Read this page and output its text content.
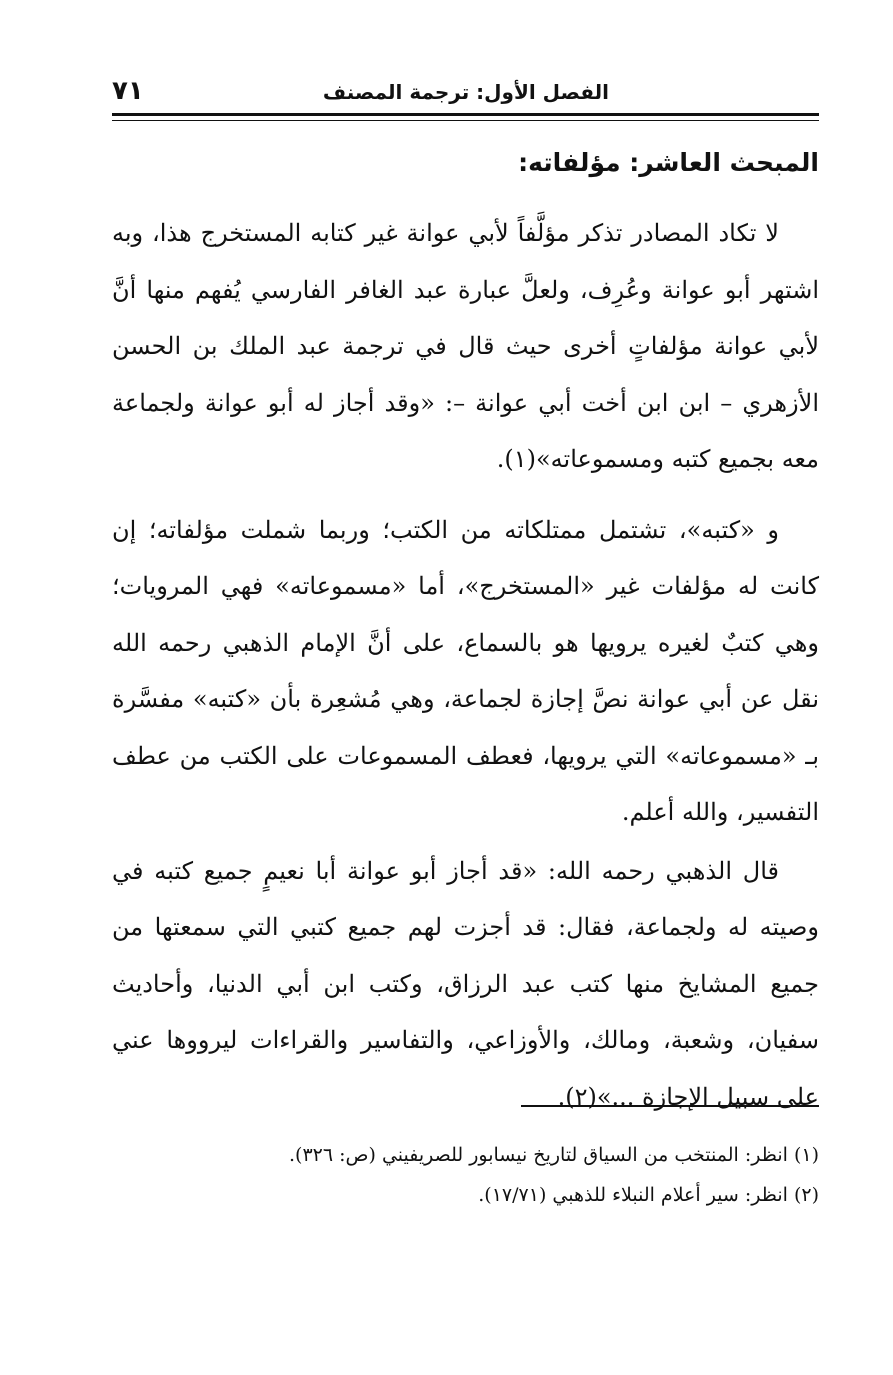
الفصل الأول: ترجمة المصنف
٧١
المبحث العاشر: مؤلفاته:

لا تكاد المصادر تذكر مؤلَّفاً لأبي عوانة غير كتابه المستخرج هذا، وبه اشتهر أبو عوانة وعُرِف، ولعلَّ عبارة عبد الغافر الفارسي يُفهم منها أنَّ لأبي عوانة مؤلفاتٍ أخرى حيث قال في ترجمة عبد الملك بن الحسن الأزهري – ابن ابن أخت أبي عوانة –: «وقد أجاز له أبو عوانة ولجماعة معه بجميع كتبه ومسموعاته»(١).

و «كتبه»، تشتمل ممتلكاته من الكتب؛ وربما شملت مؤلفاته؛ إن كانت له مؤلفات غير «المستخرج»، أما «مسموعاته» فهي المرويات؛ وهي كتبٌ لغيره يرويها هو بالسماع، على أنَّ الإمام الذهبي رحمه الله نقل عن أبي عوانة نصَّ إجازة لجماعة، وهي مُشعِرة بأن «كتبه» مفسَّرة بـ «مسموعاته» التي يرويها، فعطف المسموعات على الكتب من عطف التفسير، والله أعلم.

قال الذهبي رحمه الله: «قد أجاز أبو عوانة أبا نعيمٍ جميع كتبه في وصيته له ولجماعة، فقال: قد أجزت لهم جميع كتبي التي سمعتها من جميع المشايخ منها كتب عبد الرزاق، وكتب ابن أبي الدنيا، وأحاديث سفيان، وشعبة، ومالك، والأوزاعي، والتفاسير والقراءات ليرووها عني على سبيل الإجازة ...»(٢).

(١) انظر: المنتخب من السياق لتاريخ نيسابور للصريفيني (ص: ٣٢٦).
(٢) انظر: سير أعلام النبلاء للذهبي (١٧/٧١).
